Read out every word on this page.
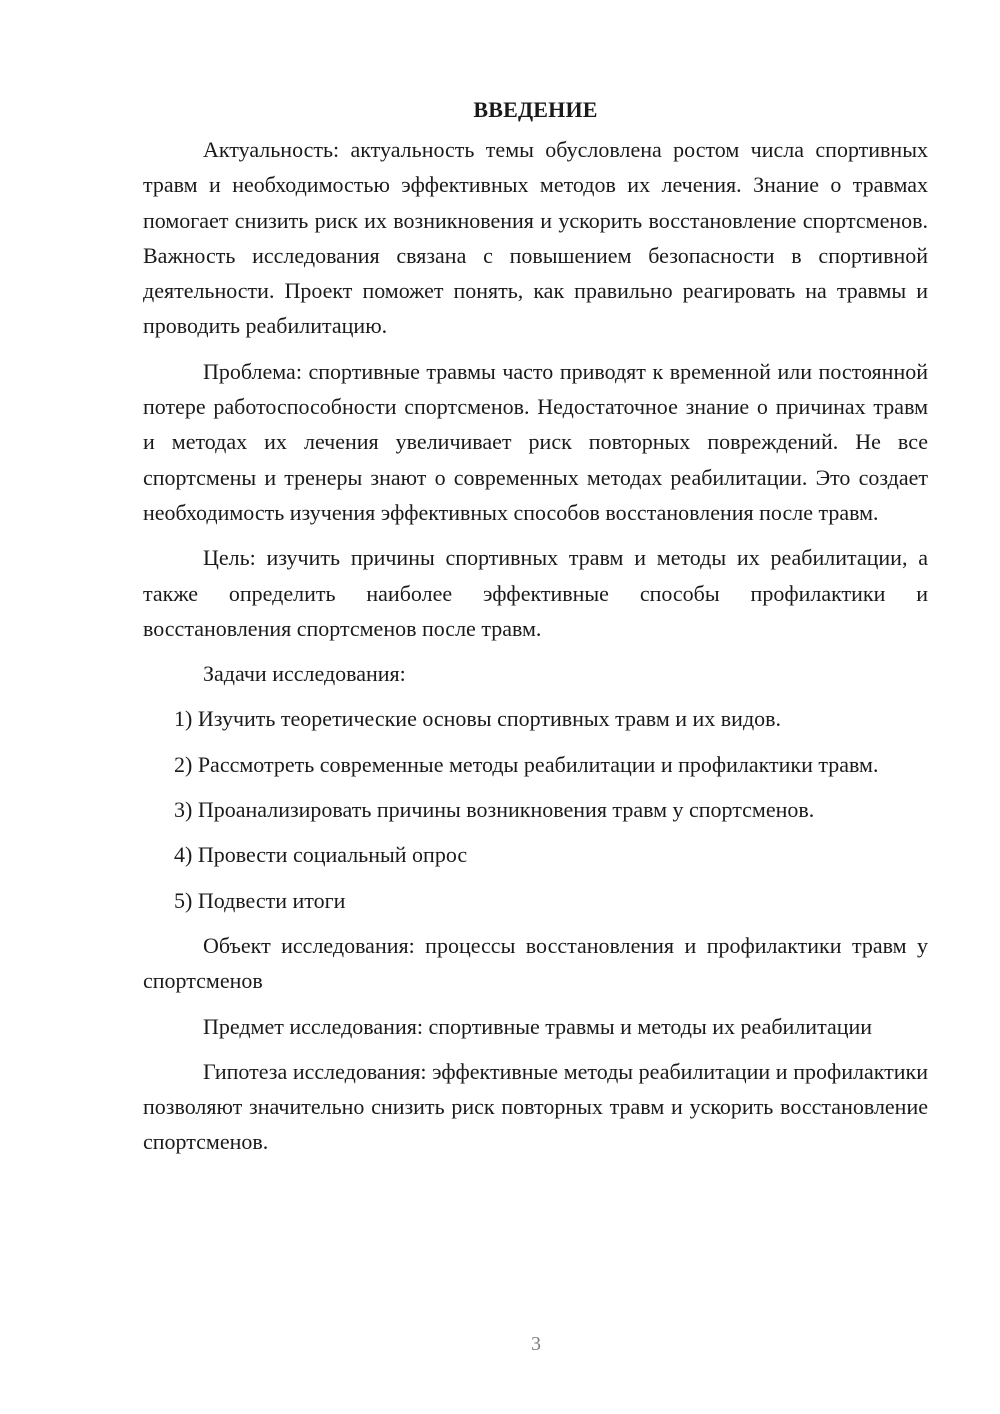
ВВЕДЕНИЕ

Актуальность: актуальность темы обусловлена ростом числа спортивных травм и необходимостью эффективных методов их лечения. Знание о травмах помогает снизить риск их возникновения и ускорить восстановление спортсменов. Важность исследования связана с повышением безопасности в спортивной деятельности. Проект поможет понять, как правильно реагировать на травмы и проводить реабилитацию.

Проблема: спортивные травмы часто приводят к временной или постоянной потере работоспособности спортсменов. Недостаточное знание о причинах травм и методах их лечения увеличивает риск повторных повреждений. Не все спортсмены и тренеры знают о современных методах реабилитации. Это создает необходимость изучения эффективных способов восстановления после травм.

Цель: изучить причины спортивных травм и методы их реабилитации, а также определить наиболее эффективные способы профилактики и восстановления спортсменов после травм.

Задачи исследования:

1) Изучить теоретические основы спортивных травм и их видов.

2) Рассмотреть современные методы реабилитации и профилактики травм.

3) Проанализировать причины возникновения травм у спортсменов.

4) Провести социальный опрос

5) Подвести итоги

Объект исследования: процессы восстановления и профилактики травм у спортсменов

Предмет исследования: спортивные травмы и методы их реабилитации

Гипотеза исследования: эффективные методы реабилитации и профилактики позволяют значительно снизить риск повторных травм и ускорить восстановление спортсменов.

3
